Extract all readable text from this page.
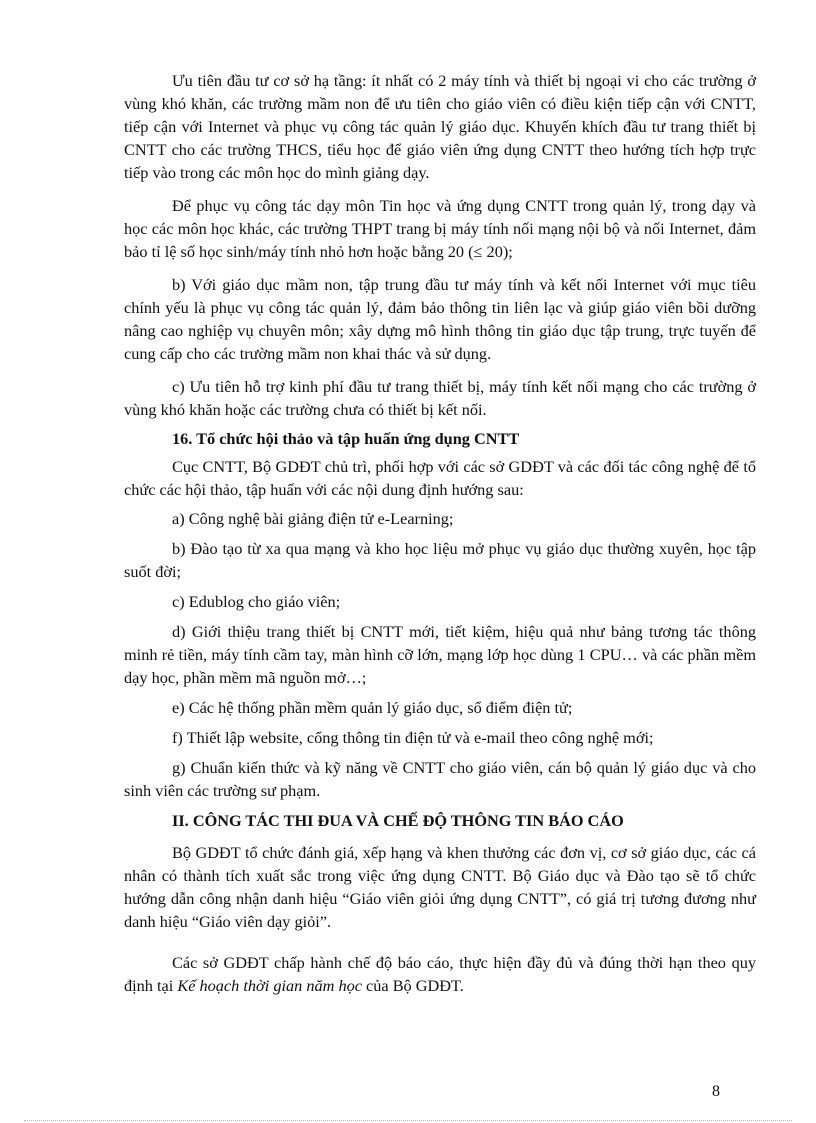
Ưu tiên đầu tư cơ sở hạ tầng: ít nhất có 2 máy tính và thiết bị ngoại vi cho các trường ở vùng khó khăn, các trường mầm non để ưu tiên cho giáo viên có điều kiện tiếp cận với CNTT, tiếp cận với Internet và phục vụ công tác quản lý giáo dục. Khuyến khích đầu tư trang thiết bị CNTT cho các trường THCS, tiểu học để giáo viên ứng dụng CNTT theo hướng tích hợp trực tiếp vào trong các môn học do mình giảng dạy.

Để phục vụ công tác dạy môn Tin học và ứng dụng CNTT trong quản lý, trong dạy và học các môn học khác, các trường THPT trang bị máy tính nối mạng nội bộ và nối Internet, đảm bảo tỉ lệ số học sinh/máy tính nhỏ hơn hoặc bằng 20 (≤ 20);

b) Với giáo dục mầm non, tập trung đầu tư máy tính và kết nối Internet với mục tiêu chính yếu là phục vụ công tác quản lý, đảm bảo thông tin liên lạc và giúp giáo viên bồi dưỡng nâng cao nghiệp vụ chuyên môn; xây dựng mô hình thông tin giáo dục tập trung, trực tuyến để cung cấp cho các trường mầm non khai thác và sử dụng.

c) Ưu tiên hỗ trợ kinh phí đầu tư trang thiết bị, máy tính kết nối mạng cho các trường ở vùng khó khăn hoặc các trường chưa có thiết bị kết nối.

16. Tổ chức hội thảo và tập huấn ứng dụng CNTT

Cục CNTT, Bộ GDĐT chủ trì, phối hợp với các sở GDĐT và các đối tác công nghệ để tổ chức các hội thảo, tập huấn với các nội dung định hướng sau:

a) Công nghệ bài giảng điện tử e-Learning;

b) Đào tạo từ xa qua mạng và kho học liệu mở phục vụ giáo dục thường xuyên, học tập suốt đời;

c) Edublog cho giáo viên;

d) Giới thiệu trang thiết bị CNTT mới, tiết kiệm, hiệu quả như bảng tương tác thông minh rẻ tiền, máy tính cầm tay, màn hình cỡ lớn, mạng lớp học dùng 1 CPU… và các phần mềm dạy học, phần mềm mã nguồn mở…;

e) Các hệ thống phần mềm quản lý giáo dục, sổ điểm điện tử;

f) Thiết lập website, cổng thông tin điện tử và e-mail theo công nghệ mới;

g) Chuẩn kiến thức và kỹ năng về CNTT cho giáo viên, cán bộ quản lý giáo dục và cho sinh viên các trường sư phạm.

II. CÔNG TÁC THI ĐUA VÀ CHẾ ĐỘ THÔNG TIN BÁO CÁO

Bộ GDĐT tổ chức đánh giá, xếp hạng và khen thưởng các đơn vị, cơ sở giáo dục, các cá nhân có thành tích xuất sắc trong việc ứng dụng CNTT. Bộ Giáo dục và Đào tạo sẽ tổ chức hướng dẫn công nhận danh hiệu “Giáo viên giỏi ứng dụng CNTT”, có giá trị tương đương như danh hiệu “Giáo viên dạy giỏi”.

Các sở GDĐT chấp hành chế độ báo cáo, thực hiện đầy đủ và đúng thời hạn theo quy định tại Kế hoạch thời gian năm học của Bộ GDĐT.

8
